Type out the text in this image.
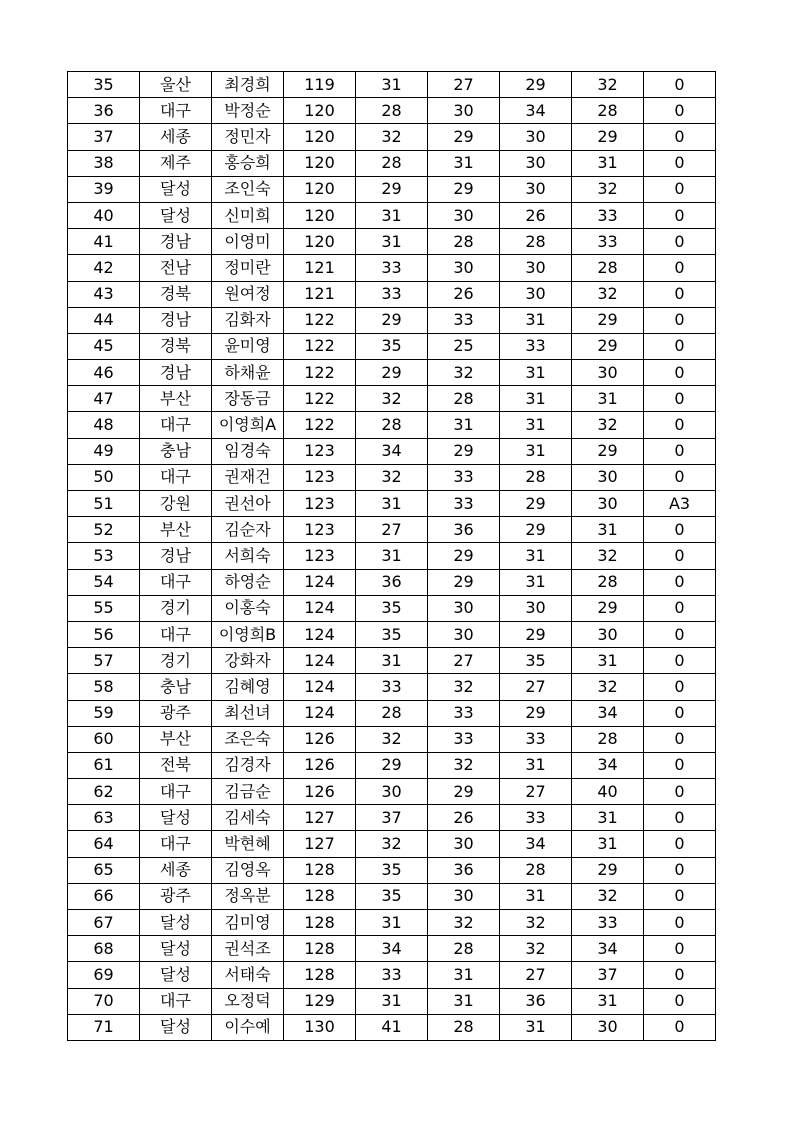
35	울산	최경희	119	31	27	29	32	0
36	대구	박정순	120	28	30	34	28	0
37	세종	정민자	120	32	29	30	29	0
38	제주	홍승희	120	28	31	30	31	0
39	달성	조인숙	120	29	29	30	32	0
40	달성	신미희	120	31	30	26	33	0
41	경남	이영미	120	31	28	28	33	0
42	전남	정미란	121	33	30	30	28	0
43	경북	원여정	121	33	26	30	32	0
44	경남	김화자	122	29	33	31	29	0
45	경북	윤미영	122	35	25	33	29	0
46	경남	하채윤	122	29	32	31	30	0
47	부산	장동금	122	32	28	31	31	0
48	대구	이영희A	122	28	31	31	32	0
49	충남	임경숙	123	34	29	31	29	0
50	대구	권재건	123	32	33	28	30	0
51	강원	권선아	123	31	33	29	30	A3
52	부산	김순자	123	27	36	29	31	0
53	경남	서희숙	123	31	29	31	32	0
54	대구	하영순	124	36	29	31	28	0
55	경기	이홍숙	124	35	30	30	29	0
56	대구	이영희B	124	35	30	29	30	0
57	경기	강화자	124	31	27	35	31	0
58	충남	김혜영	124	33	32	27	32	0
59	광주	최선녀	124	28	33	29	34	0
60	부산	조은숙	126	32	33	33	28	0
61	전북	김경자	126	29	32	31	34	0
62	대구	김금순	126	30	29	27	40	0
63	달성	김세숙	127	37	26	33	31	0
64	대구	박현혜	127	32	30	34	31	0
65	세종	김영옥	128	35	36	28	29	0
66	광주	정옥분	128	35	30	31	32	0
67	달성	김미영	128	31	32	32	33	0
68	달성	권석조	128	34	28	32	34	0
69	달성	서태숙	128	33	31	27	37	0
70	대구	오정덕	129	31	31	36	31	0
71	달성	이수예	130	41	28	31	30	0
